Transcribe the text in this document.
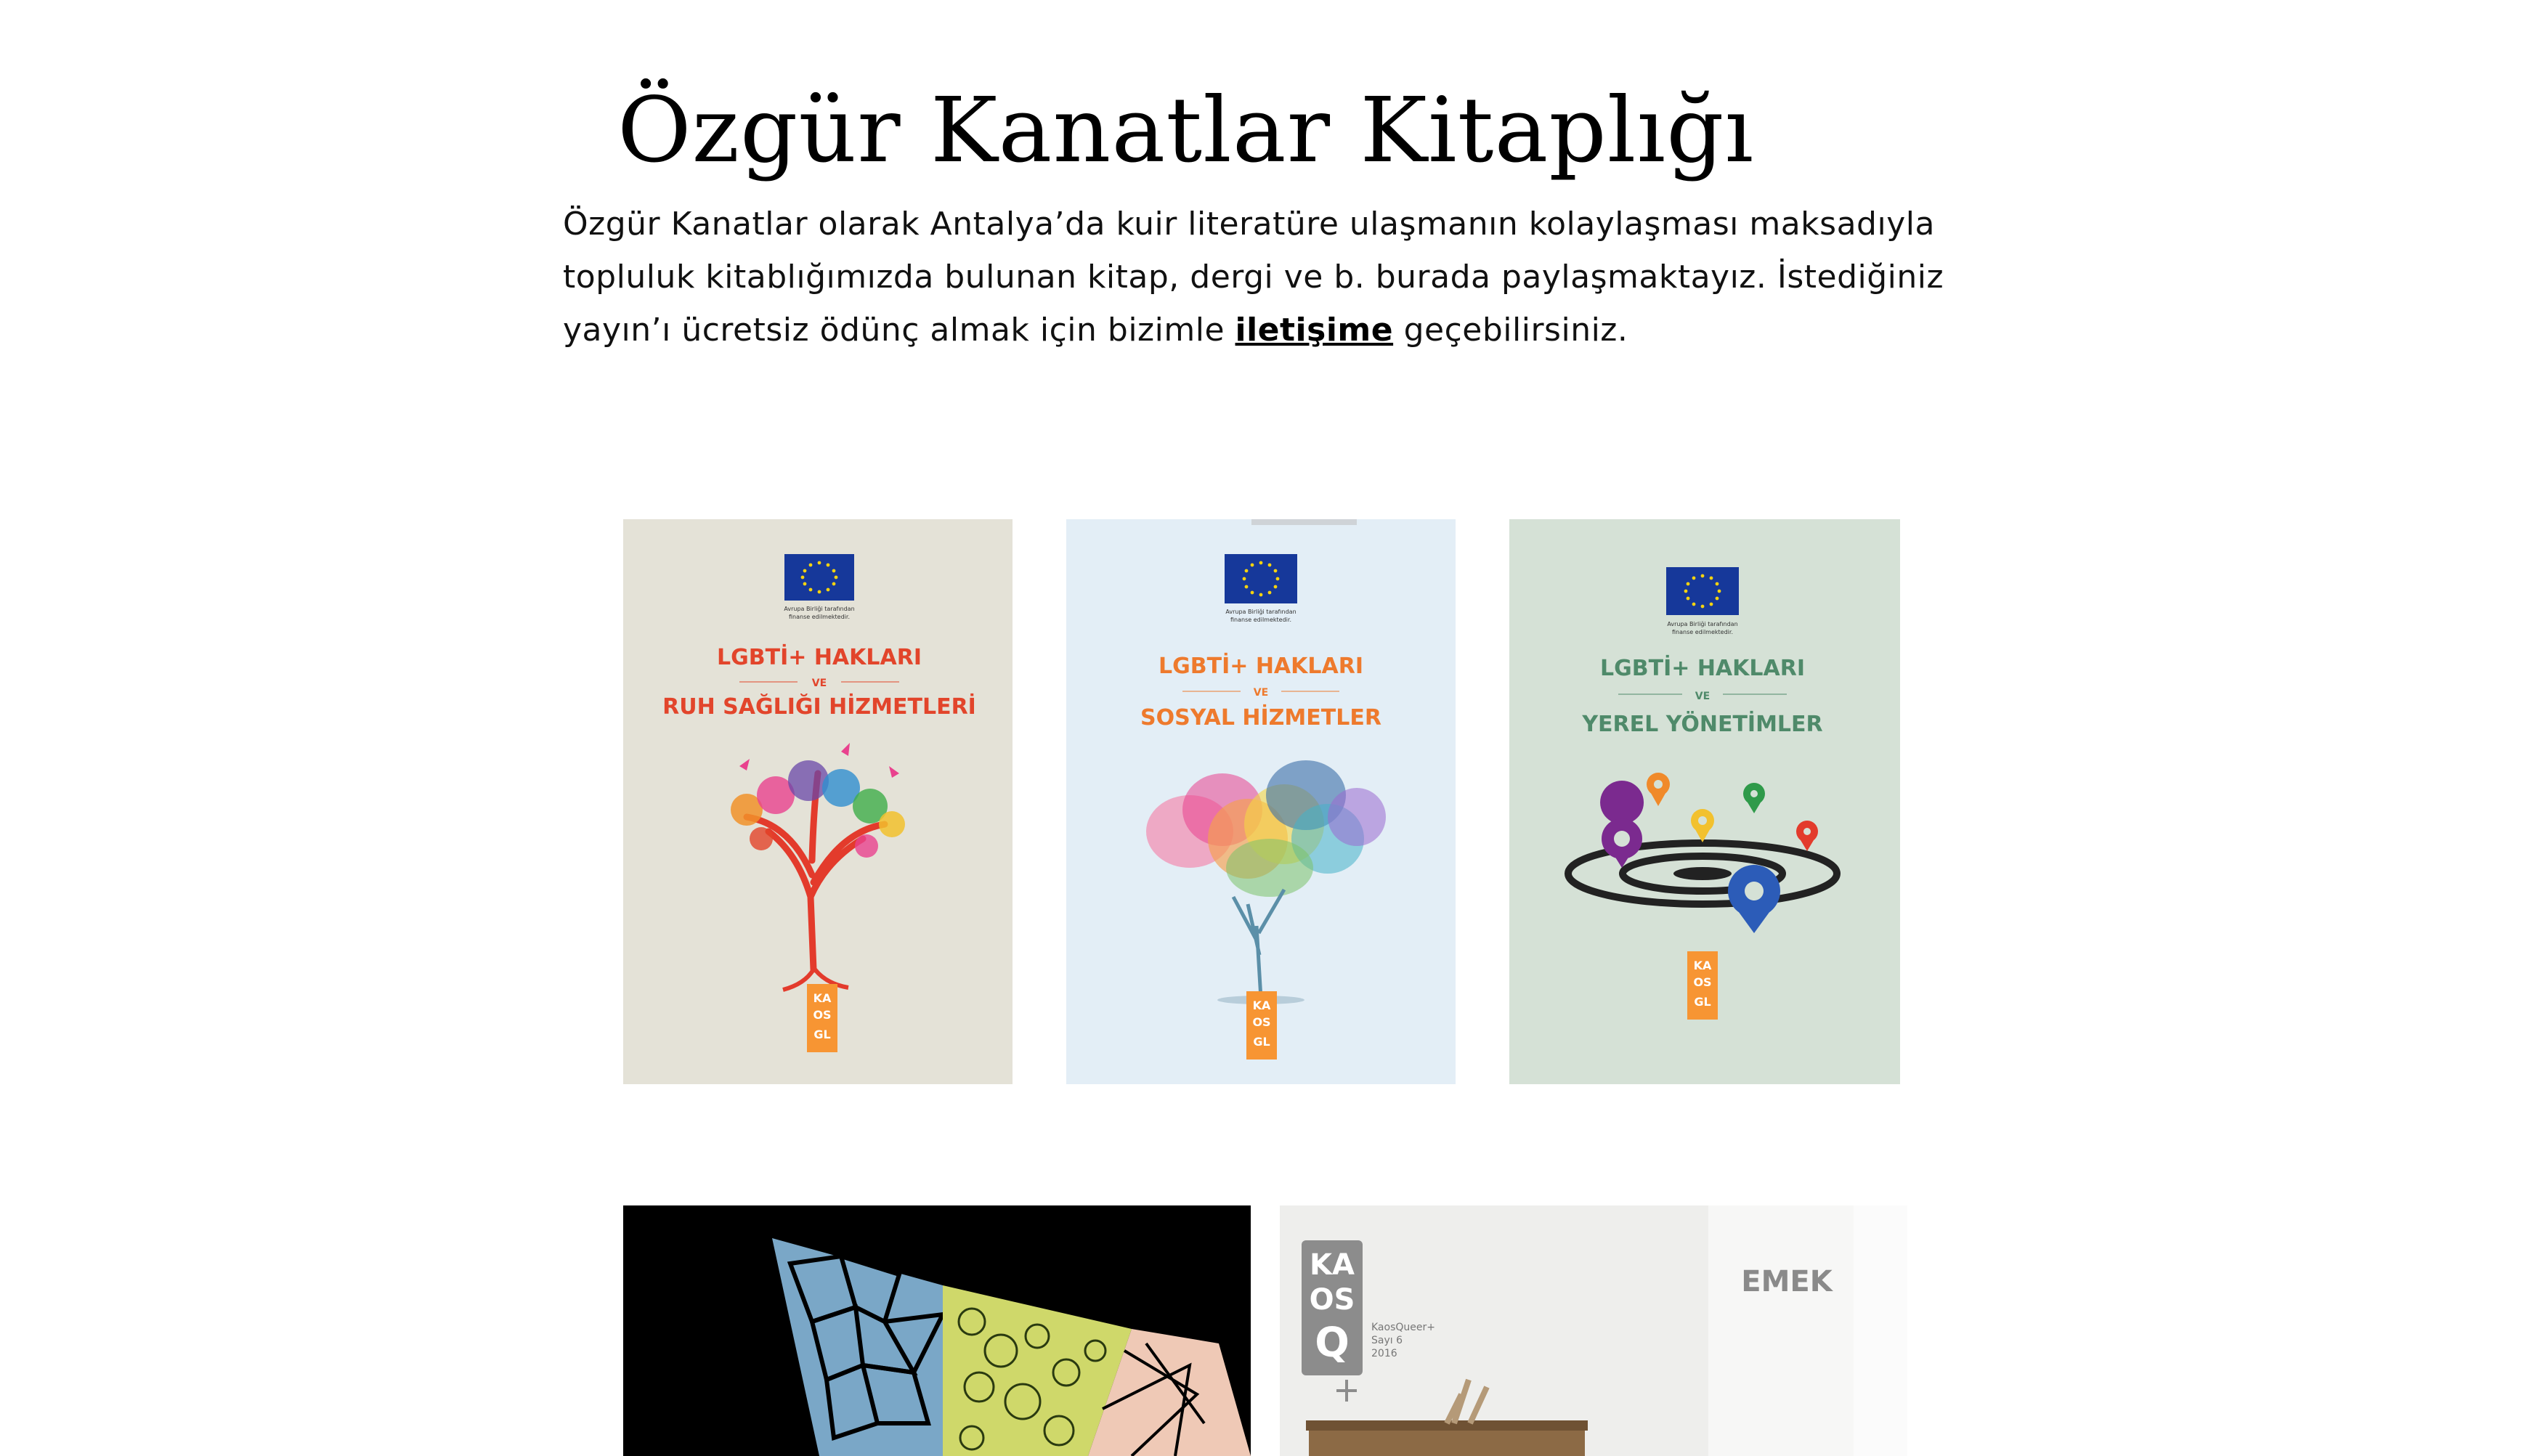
Özgür Kanatlar Kitaplığı

Özgür Kanatlar olarak Antalya’da kuir literatüre ulaşmanın kolaylaşması maksadıyla topluluk kitablığımızda bulunan kitap, dergi ve b. burada paylaşmaktayız. İstediğiniz yayın’ı ücretsiz ödünç almak için bizimle iletişime geçebilirsiniz.

Avrupa Birliği tarafından
finanse edilmektedir.
LGBTİ+ HAKLARI
VE
RUH SAĞLIĞI HİZMETLERİ
KA
OS
GL
Avrupa Birliği tarafından
finanse edilmektedir.
LGBTİ+ HAKLARI
VE
SOSYAL HİZMETLER
KA
OS
GL
Avrupa Birliği tarafından
finanse edilmektedir.
LGBTİ+ HAKLARI
VE
YEREL YÖNETİMLER
KA
OS
GL
KA
OS
Q KaosQueer+
Sayı 6
2016
EMEK
